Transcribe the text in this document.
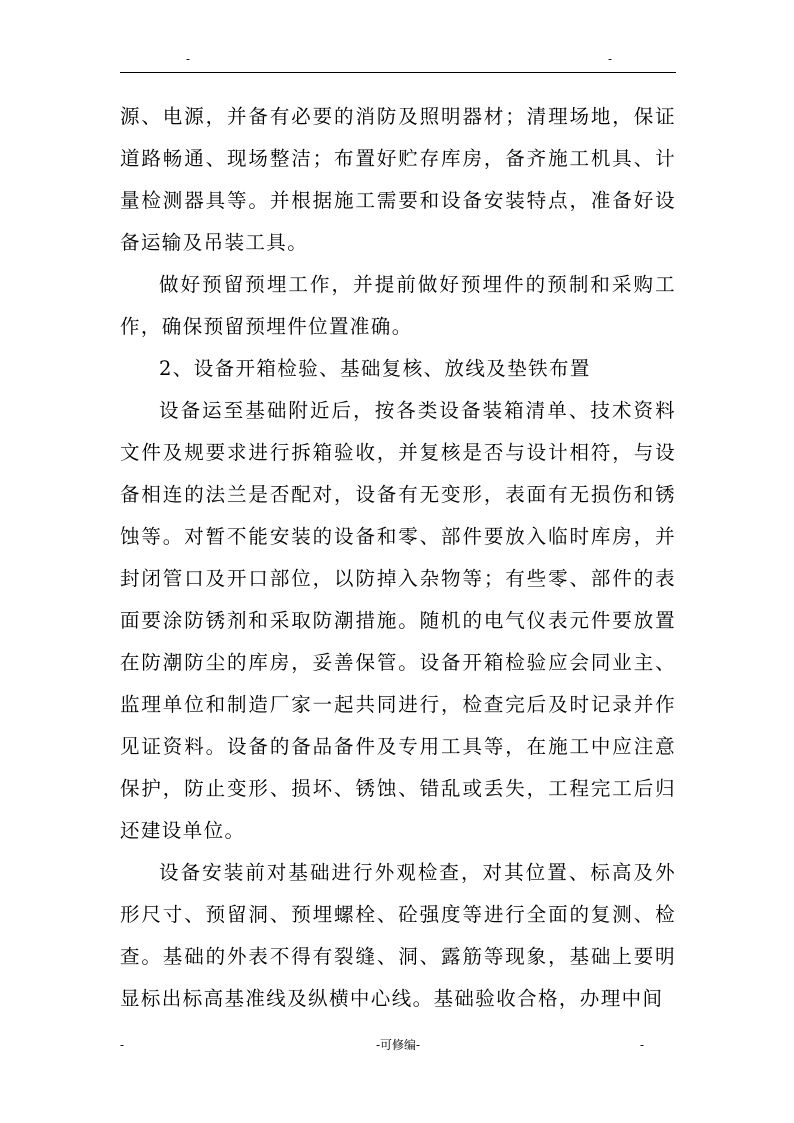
-	-

源、电源，并备有必要的消防及照明器材；清理场地，保证道路畅通、现场整洁；布置好贮存库房，备齐施工机具、计量检测器具等。并根据施工需要和设备安装特点，准备好设备运输及吊装工具。

做好预留预埋工作，并提前做好预埋件的预制和采购工作，确保预留预埋件位置准确。

2、设备开箱检验、基础复核、放线及垫铁布置

设备运至基础附近后，按各类设备装箱清单、技术资料文件及规要求进行拆箱验收，并复核是否与设计相符，与设备相连的法兰是否配对，设备有无变形，表面有无损伤和锈蚀等。对暂不能安装的设备和零、部件要放入临时库房，并封闭管口及开口部位，以防掉入杂物等；有些零、部件的表面要涂防锈剂和采取防潮措施。随机的电气仪表元件要放置在防潮防尘的库房，妥善保管。设备开箱检验应会同业主、监理单位和制造厂家一起共同进行，检查完后及时记录并作见证资料。设备的备品备件及专用工具等，在施工中应注意保护，防止变形、损坏、锈蚀、错乱或丢失，工程完工后归还建设单位。

设备安装前对基础进行外观检查，对其位置、标高及外形尺寸、预留洞、预埋螺栓、砼强度等进行全面的复测、检查。基础的外表不得有裂缝、洞、露筋等现象，基础上要明显标出标高基准线及纵横中心线。基础验收合格，办理中间

-	-可修编-	-
